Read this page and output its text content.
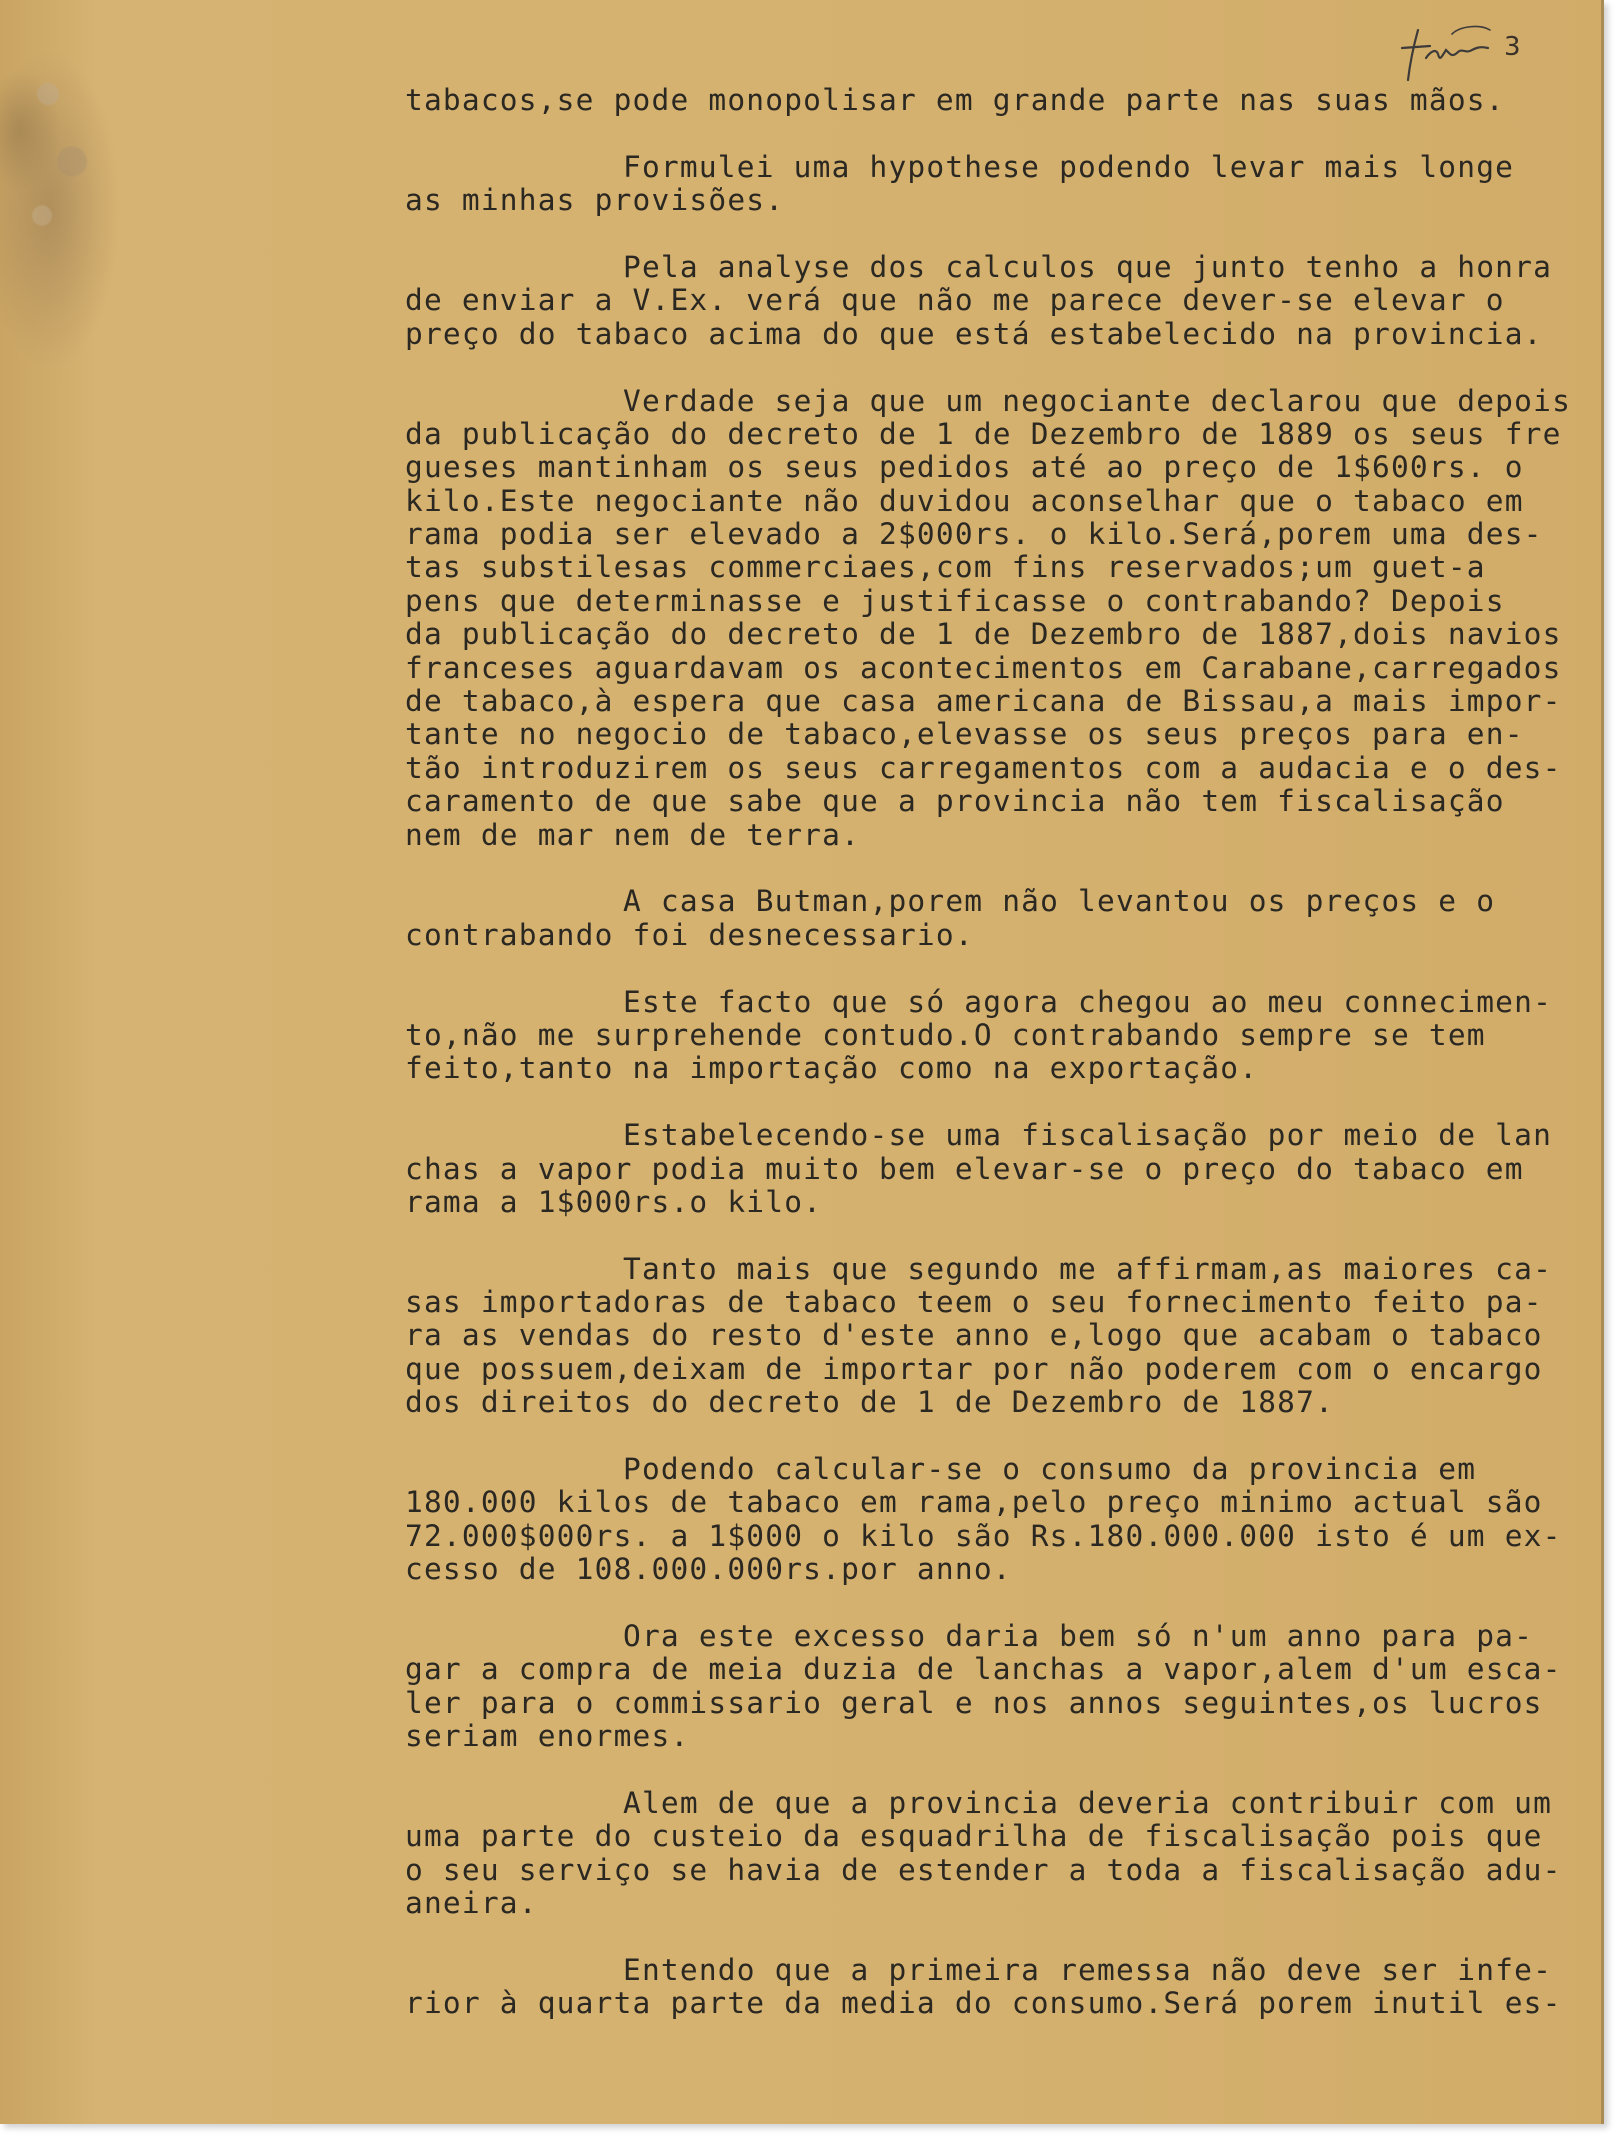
3
tabacos,se pode monopolisar em grande parte nas suas mãos.
Formulei uma hypothese podendo levar mais longe
as minhas provisões.
Pela analyse dos calculos que junto tenho a honra
de enviar a V.Ex. verá que não me parece dever-se elevar o
preço do tabaco acima do que está estabelecido na provincia.
Verdade seja que um negociante declarou que depois
da publicação do decreto de 1 de Dezembro de 1889 os seus fre
gueses mantinham os seus pedidos até ao preço de 1$600rs. o
kilo.Este negociante não duvidou aconselhar que o tabaco em
rama podia ser elevado a 2$000rs. o kilo.Será,porem uma des-
tas substilesas commerciaes,com fins reservados;um guet-a
pens que determinasse e justificasse o contrabando? Depois
da publicação do decreto de 1 de Dezembro de 1887,dois navios
franceses aguardavam os acontecimentos em Carabane,carregados
de tabaco,à espera que casa americana de Bissau,a mais impor-
tante no negocio de tabaco,elevasse os seus preços para en-
tão introduzirem os seus carregamentos com a audacia e o des-
caramento de que sabe que a provincia não tem fiscalisação
nem de mar nem de terra.
A casa Butman,porem não levantou os preços e o
contrabando foi desnecessario.
Este facto que só agora chegou ao meu connecimen-
to,não me surprehende contudo.O contrabando sempre se tem
feito,tanto na importação como na exportação.
Estabelecendo-se uma fiscalisação por meio de lan
chas a vapor podia muito bem elevar-se o preço do tabaco em
rama a 1$000rs.o kilo.
Tanto mais que segundo me affirmam,as maiores ca-
sas importadoras de tabaco teem o seu fornecimento feito pa-
ra as vendas do resto d'este anno e,logo que acabam o tabaco
que possuem,deixam de importar por não poderem com o encargo
dos direitos do decreto de 1 de Dezembro de 1887.
Podendo calcular-se o consumo da provincia em
180.000 kilos de tabaco em rama,pelo preço minimo actual são
72.000$000rs. a 1$000 o kilo são Rs.180.000.000 isto é um ex-
cesso de 108.000.000rs.por anno.
Ora este excesso daria bem só n'um anno para pa-
gar a compra de meia duzia de lanchas a vapor,alem d'um esca-
ler para o commissario geral e nos annos seguintes,os lucros
seriam enormes.
Alem de que a provincia deveria contribuir com um
uma parte do custeio da esquadrilha de fiscalisação pois que
o seu serviço se havia de estender a toda a fiscalisação adu-
aneira.
Entendo que a primeira remessa não deve ser infe-
rior à quarta parte da media do consumo.Será porem inutil es-
